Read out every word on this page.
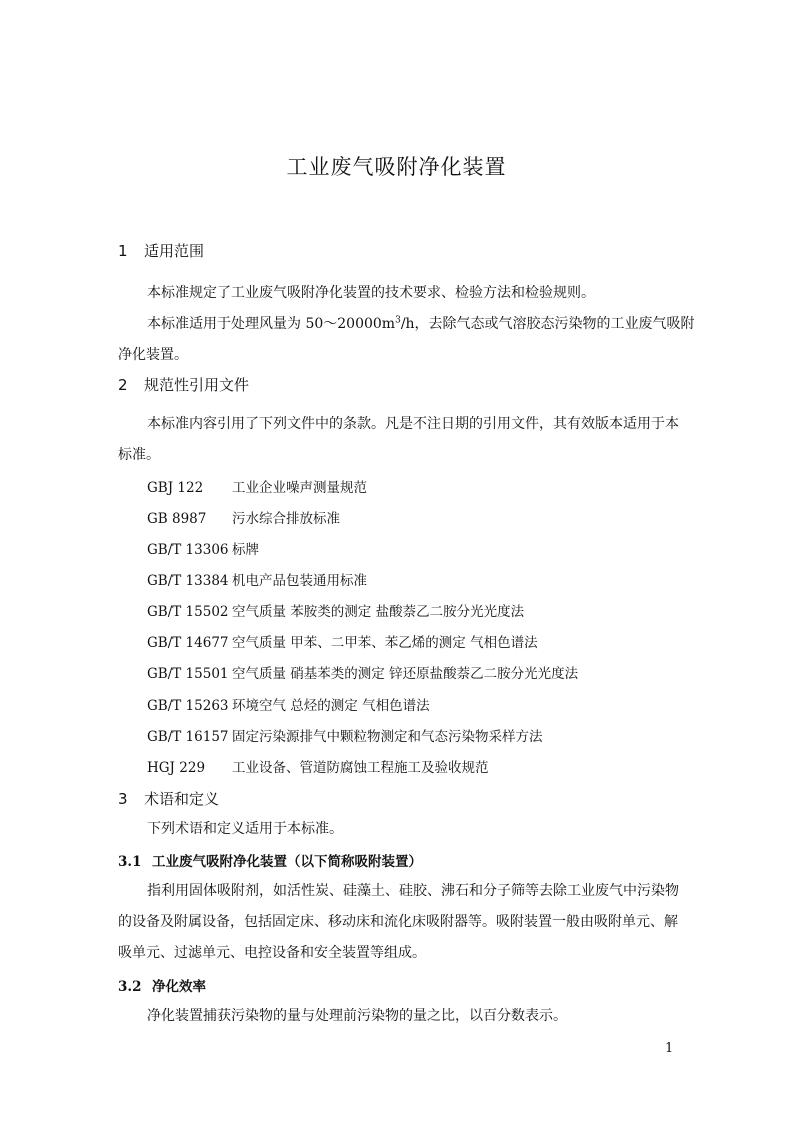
工业废气吸附净化装置
1 适用范围
本标准规定了工业废气吸附净化装置的技术要求、检验方法和检验规则。
本标准适用于处理风量为 $50\sim 20000m^3/h$，去除气态或气溶胶态污染物的工业废气吸附
净化装置。
2 规范性引用文件
本标准内容引用了下列文件中的条款。凡是不注日期的引用文件，其有效版本适用于本
标准。
GBJ 122 工业企业噪声测量规范
GB 8987 污水综合排放标准
GB/T 13306 标牌
GB/T 13384 机电产品包装通用标准
GB/T 15502 空气质量 苯胺类的测定 盐酸萘乙二胺分光光度法
GB/T 14677 空气质量 甲苯、二甲苯、苯乙烯的测定 气相色谱法
GB/T 15501 空气质量 硝基苯类的测定 锌还原盐酸萘乙二胺分光光度法
GB/T 15263 环境空气 总烃的测定 气相色谱法
GB/T 16157 固定污染源排气中颗粒物测定和气态污染物采样方法
HGJ 229 工业设备、管道防腐蚀工程施工及验收规范
3 术语和定义
下列术语和定义适用于本标准。
3.1 工业废气吸附净化装置（以下简称吸附装置）
指利用固体吸附剂，如活性炭、硅藻土、硅胶、沸石和分子筛等去除工业废气中污染物
的设备及附属设备，包括固定床、移动床和流化床吸附器等。吸附装置一般由吸附单元、解
吸单元、过滤单元、电控设备和安全装置等组成。
3.2 净化效率
净化装置捕获污染物的量与处理前污染物的量之比，以百分数表示。
1
